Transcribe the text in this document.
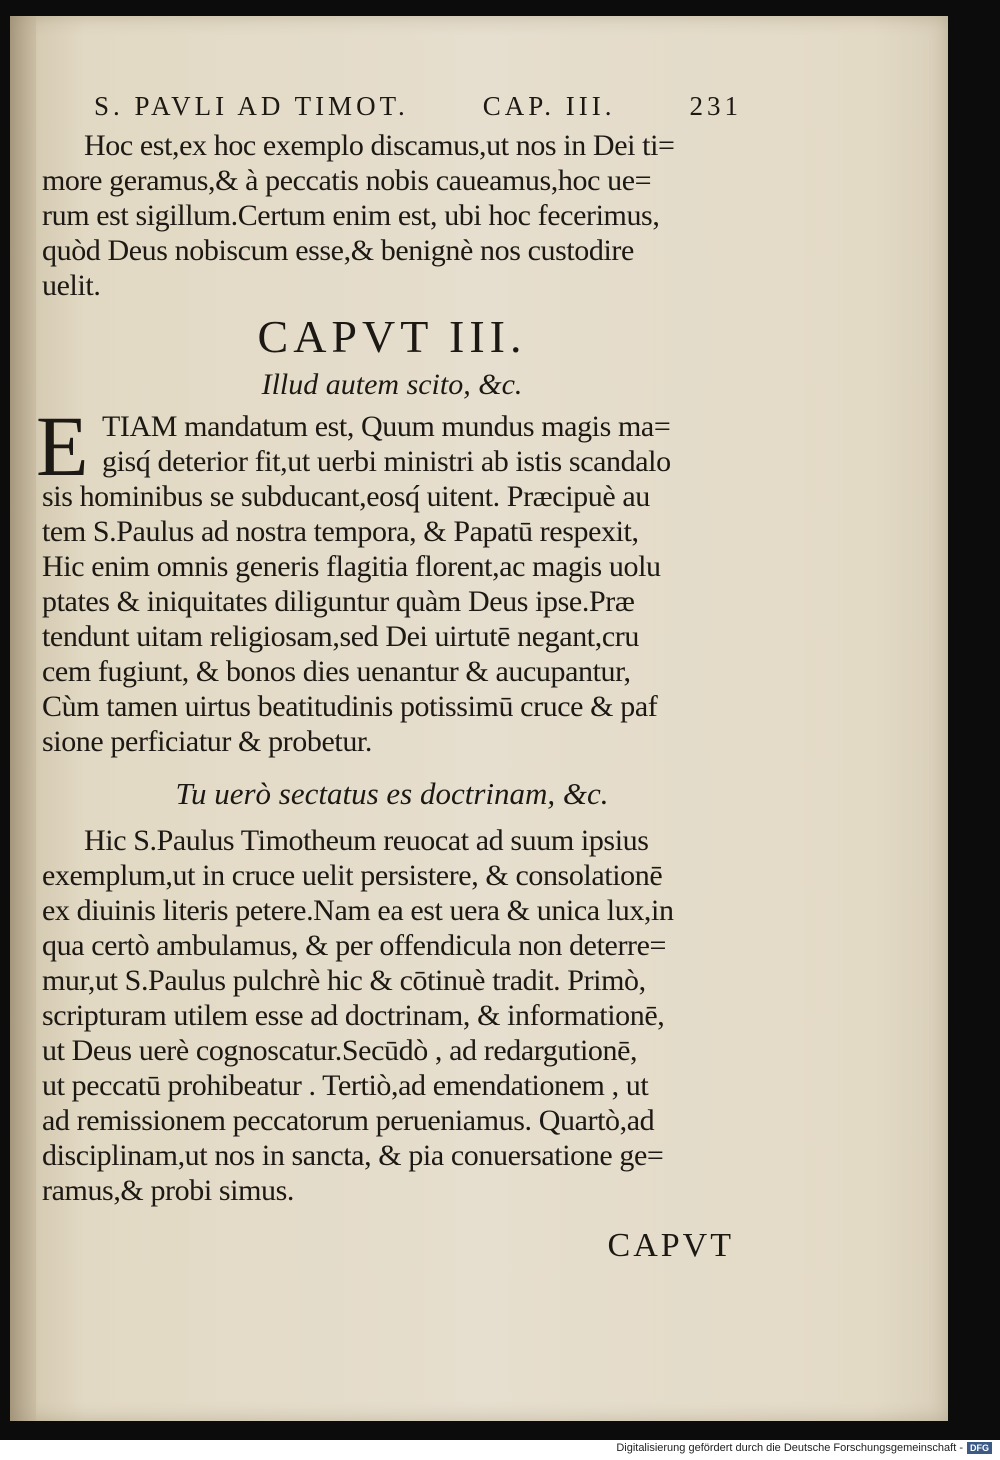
S. PAVLI AD TIMOT.	CAP. III.	231
Hoc est,ex hoc exemplo discamus,ut nos in Dei ti=
more geramus,& à peccatis nobis caueamus,hoc ue=
rum est sigillum.Certum enim est, ubi hoc fecerimus,
quòd Deus nobiscum esse,& benignè nos custodire
uelit.
CAPVT III.
Illud autem scito, &c.
E TIAM mandatum est, Quum mundus magis ma=
gisq́ deterior fit,ut uerbi ministri ab istis scandalo
sis hominibus se subducant,eosq́ uitent. Præcipuè au
tem S.Paulus ad nostra tempora, & Papatū respexit,
Hic enim omnis generis flagitia florent,ac magis uolu
ptates & iniquitates diliguntur quàm Deus ipse.Præ
tendunt uitam religiosam,sed Dei uirtutē negant,cru
cem fugiunt, & bonos dies uenantur & aucupantur,
Cùm tamen uirtus beatitudinis potissimū cruce & paf
sione perficiatur & probetur.
Tu uerò sectatus es doctrinam, &c.
Hic S.Paulus Timotheum reuocat ad suum ipsius
exemplum,ut in cruce uelit persistere, & consolationē
ex diuinis literis petere.Nam ea est uera & unica lux,in
qua certò ambulamus, & per offendicula non deterre=
mur,ut S.Paulus pulchrè hic & cōtinuè tradit. Primò,
scripturam utilem esse ad doctrinam, & informationē,
ut Deus uerè cognoscatur.Secūdò , ad redargutionē,
ut peccatū prohibeatur . Tertiò,ad emendationem , ut
ad remissionem peccatorum perueniamus. Quartò,ad
disciplinam,ut nos in sancta, & pia conuersatione ge=
ramus,& probi simus.
CAPVT
Digitalisierung gefördert durch die Deutsche Forschungsgemeinschaft - DFG
